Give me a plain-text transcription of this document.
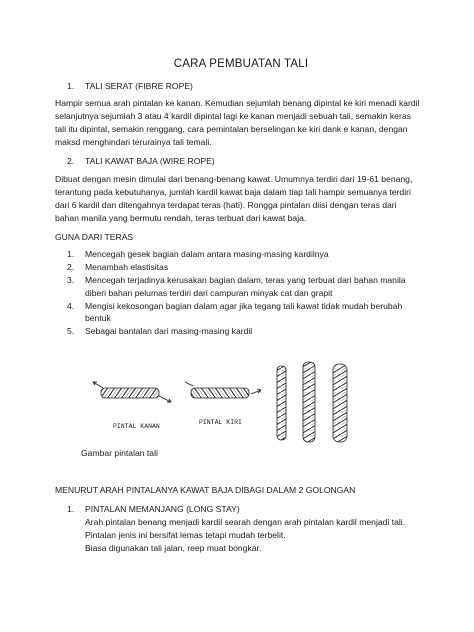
CARA PEMBUATAN TALI
1. TALI SERAT (FIBRE ROPE)

Hampir semua arah pintalan ke kanan. Kemudian sejumlah benang dipintal ke kiri menadi kardil

selanjutnya sejumlah 3 atau 4 kardil dipintal lagi ke kanan menjadi sebuah tali, semakin keras

tali itu dipintal, semakin renggang, cara pemintalan berselingan ke kiri dank e kanan, dengan

maksd menghindari terurainya tali temali.

2. TALI KAWAT BAJA (WIRE ROPE)

Dibuat dengan mesin dimulai dari benang-benang kawat. Umumnya terdiri dari 19-61 benang,

terantung pada kebutuhanya, jumlah kardil kawat baja dalam tiap tali hampir semuanya terdiri

dari 6 kardil dan ditengahnya terdapat teras (hati). Rongga pintalan diisi dengan teras dari

bahan manila yang bermutu rendah, teras terbuat dari kawat baja.

GUNA DARI TERAS
1. Mencegah gesek bagian dalam antara masing-masing kardilnya

2. Menambah elastisitas

3. Mencegah terjadinya kerusakan bagian dalam, teras yang terbuat dari bahan manila

diberi bahan pelumas terdiri dari campuran minyak cat dan grapit

4. Mengisi kekosongan bagian dalam agar jika tegang tali kawat tidak mudah berubah

bentuk

5. Sebagai bantalan dari masing-masing kardil

PINTAL KANAN
PINTAL KIRI
Gambar pintalan tali
MENURUT ARAH PINTALANYA KAWAT BAJA DIBAGI DALAM 2 GOLONGAN
1. PINTALAN MEMANJANG (LONG STAY)

Arah pintalan benang menjadi kardil searah dengan arah pintalan kardil menjadi tali.

Pintalan jenis ini bersifat lemas tetapi mudah terbelit.

Biasa digunakan tali jalan, reep muat bongkar.
